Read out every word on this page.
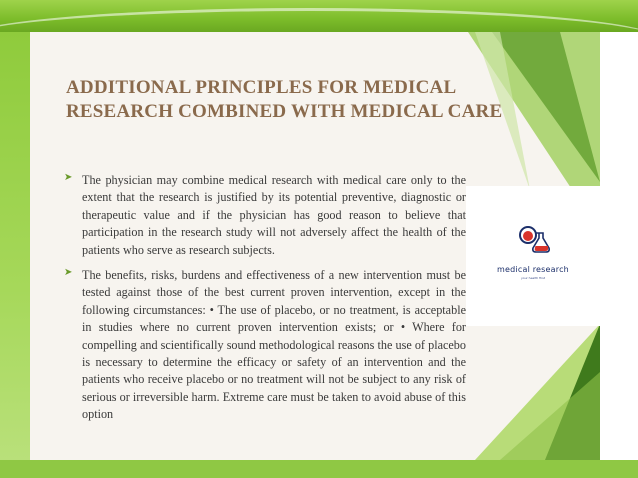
ADDITIONAL PRINCIPLES FOR MEDICAL
RESEARCH COMBINED WITH MEDICAL CARE
➤ The physician may combine medical research with medical care only to the extent that the research is justified by its potential preventive, diagnostic or therapeutic value and if the physician has good reason to believe that participation in the research study will not adversely affect the health of the patients who serve as research subjects.

➤ The benefits, risks, burdens and effectiveness of a new intervention must be tested against those of the best current proven intervention, except in the following circumstances: • The use of placebo, or no treatment, is acceptable in studies where no current proven intervention exists; or • Where for compelling and scientifically sound methodological reasons the use of placebo is necessary to determine the efficacy or safety of an intervention and the patients who receive placebo or no treatment will not be subject to any risk of serious or irreversible harm. Extreme care must be taken to avoid abuse of this option

medical research
your health first
